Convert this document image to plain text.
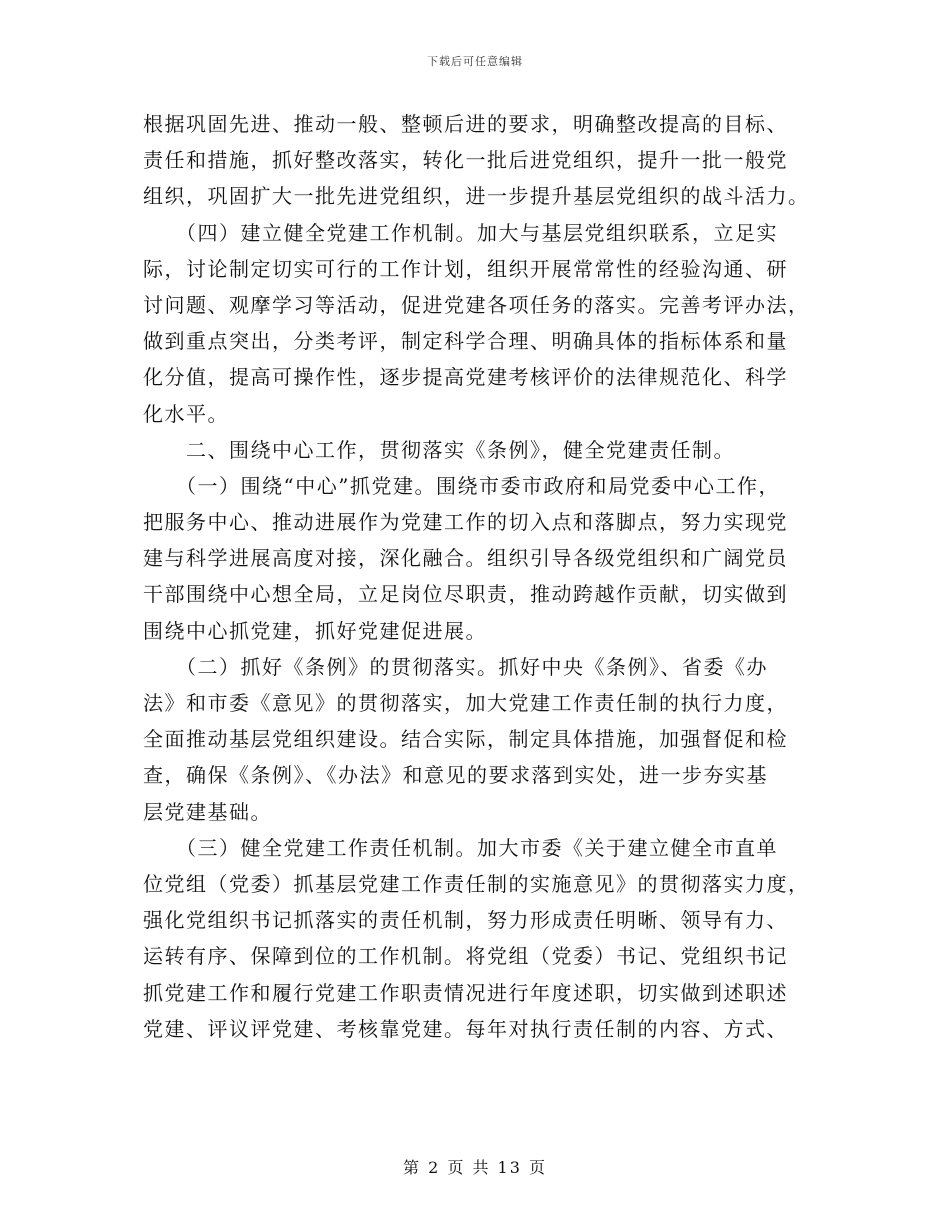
下载后可任意编辑
根据巩固先进、推动一般、整顿后进的要求，明确整改提高的目标、
责任和措施，抓好整改落实，转化一批后进党组织，提升一批一般党
组织，巩固扩大一批先进党组织，进一步提升基层党组织的战斗活力。
　　（四）建立健全党建工作机制。加大与基层党组织联系，立足实
际，讨论制定切实可行的工作计划，组织开展常常性的经验沟通、研
讨问题、观摩学习等活动，促进党建各项任务的落实。完善考评办法，
做到重点突出，分类考评，制定科学合理、明确具体的指标体系和量
化分值，提高可操作性，逐步提高党建考核评价的法律规范化、科学
化水平。
　　二、围绕中心工作，贯彻落实《条例》，健全党建责任制。
　　（一）围绕“中心”抓党建。围绕市委市政府和局党委中心工作，
把服务中心、推动进展作为党建工作的切入点和落脚点，努力实现党
建与科学进展高度对接，深化融合。组织引导各级党组织和广阔党员
干部围绕中心想全局，立足岗位尽职责，推动跨越作贡献，切实做到
围绕中心抓党建，抓好党建促进展。
　　（二）抓好《条例》的贯彻落实。抓好中央《条例》、省委《办
法》和市委《意见》的贯彻落实，加大党建工作责任制的执行力度，
全面推动基层党组织建设。结合实际，制定具体措施，加强督促和检
查，确保《条例》、《办法》和意见的要求落到实处，进一步夯实基
层党建基础。
　　（三）健全党建工作责任机制。加大市委《关于建立健全市直单
位党组（党委）抓基层党建工作责任制的实施意见》的贯彻落实力度，
强化党组织书记抓落实的责任机制，努力形成责任明晰、领导有力、
运转有序、保障到位的工作机制。将党组（党委）书记、党组织书记
抓党建工作和履行党建工作职责情况进行年度述职，切实做到述职述
党建、评议评党建、考核靠党建。每年对执行责任制的内容、方式、
第 2 页 共 13 页
